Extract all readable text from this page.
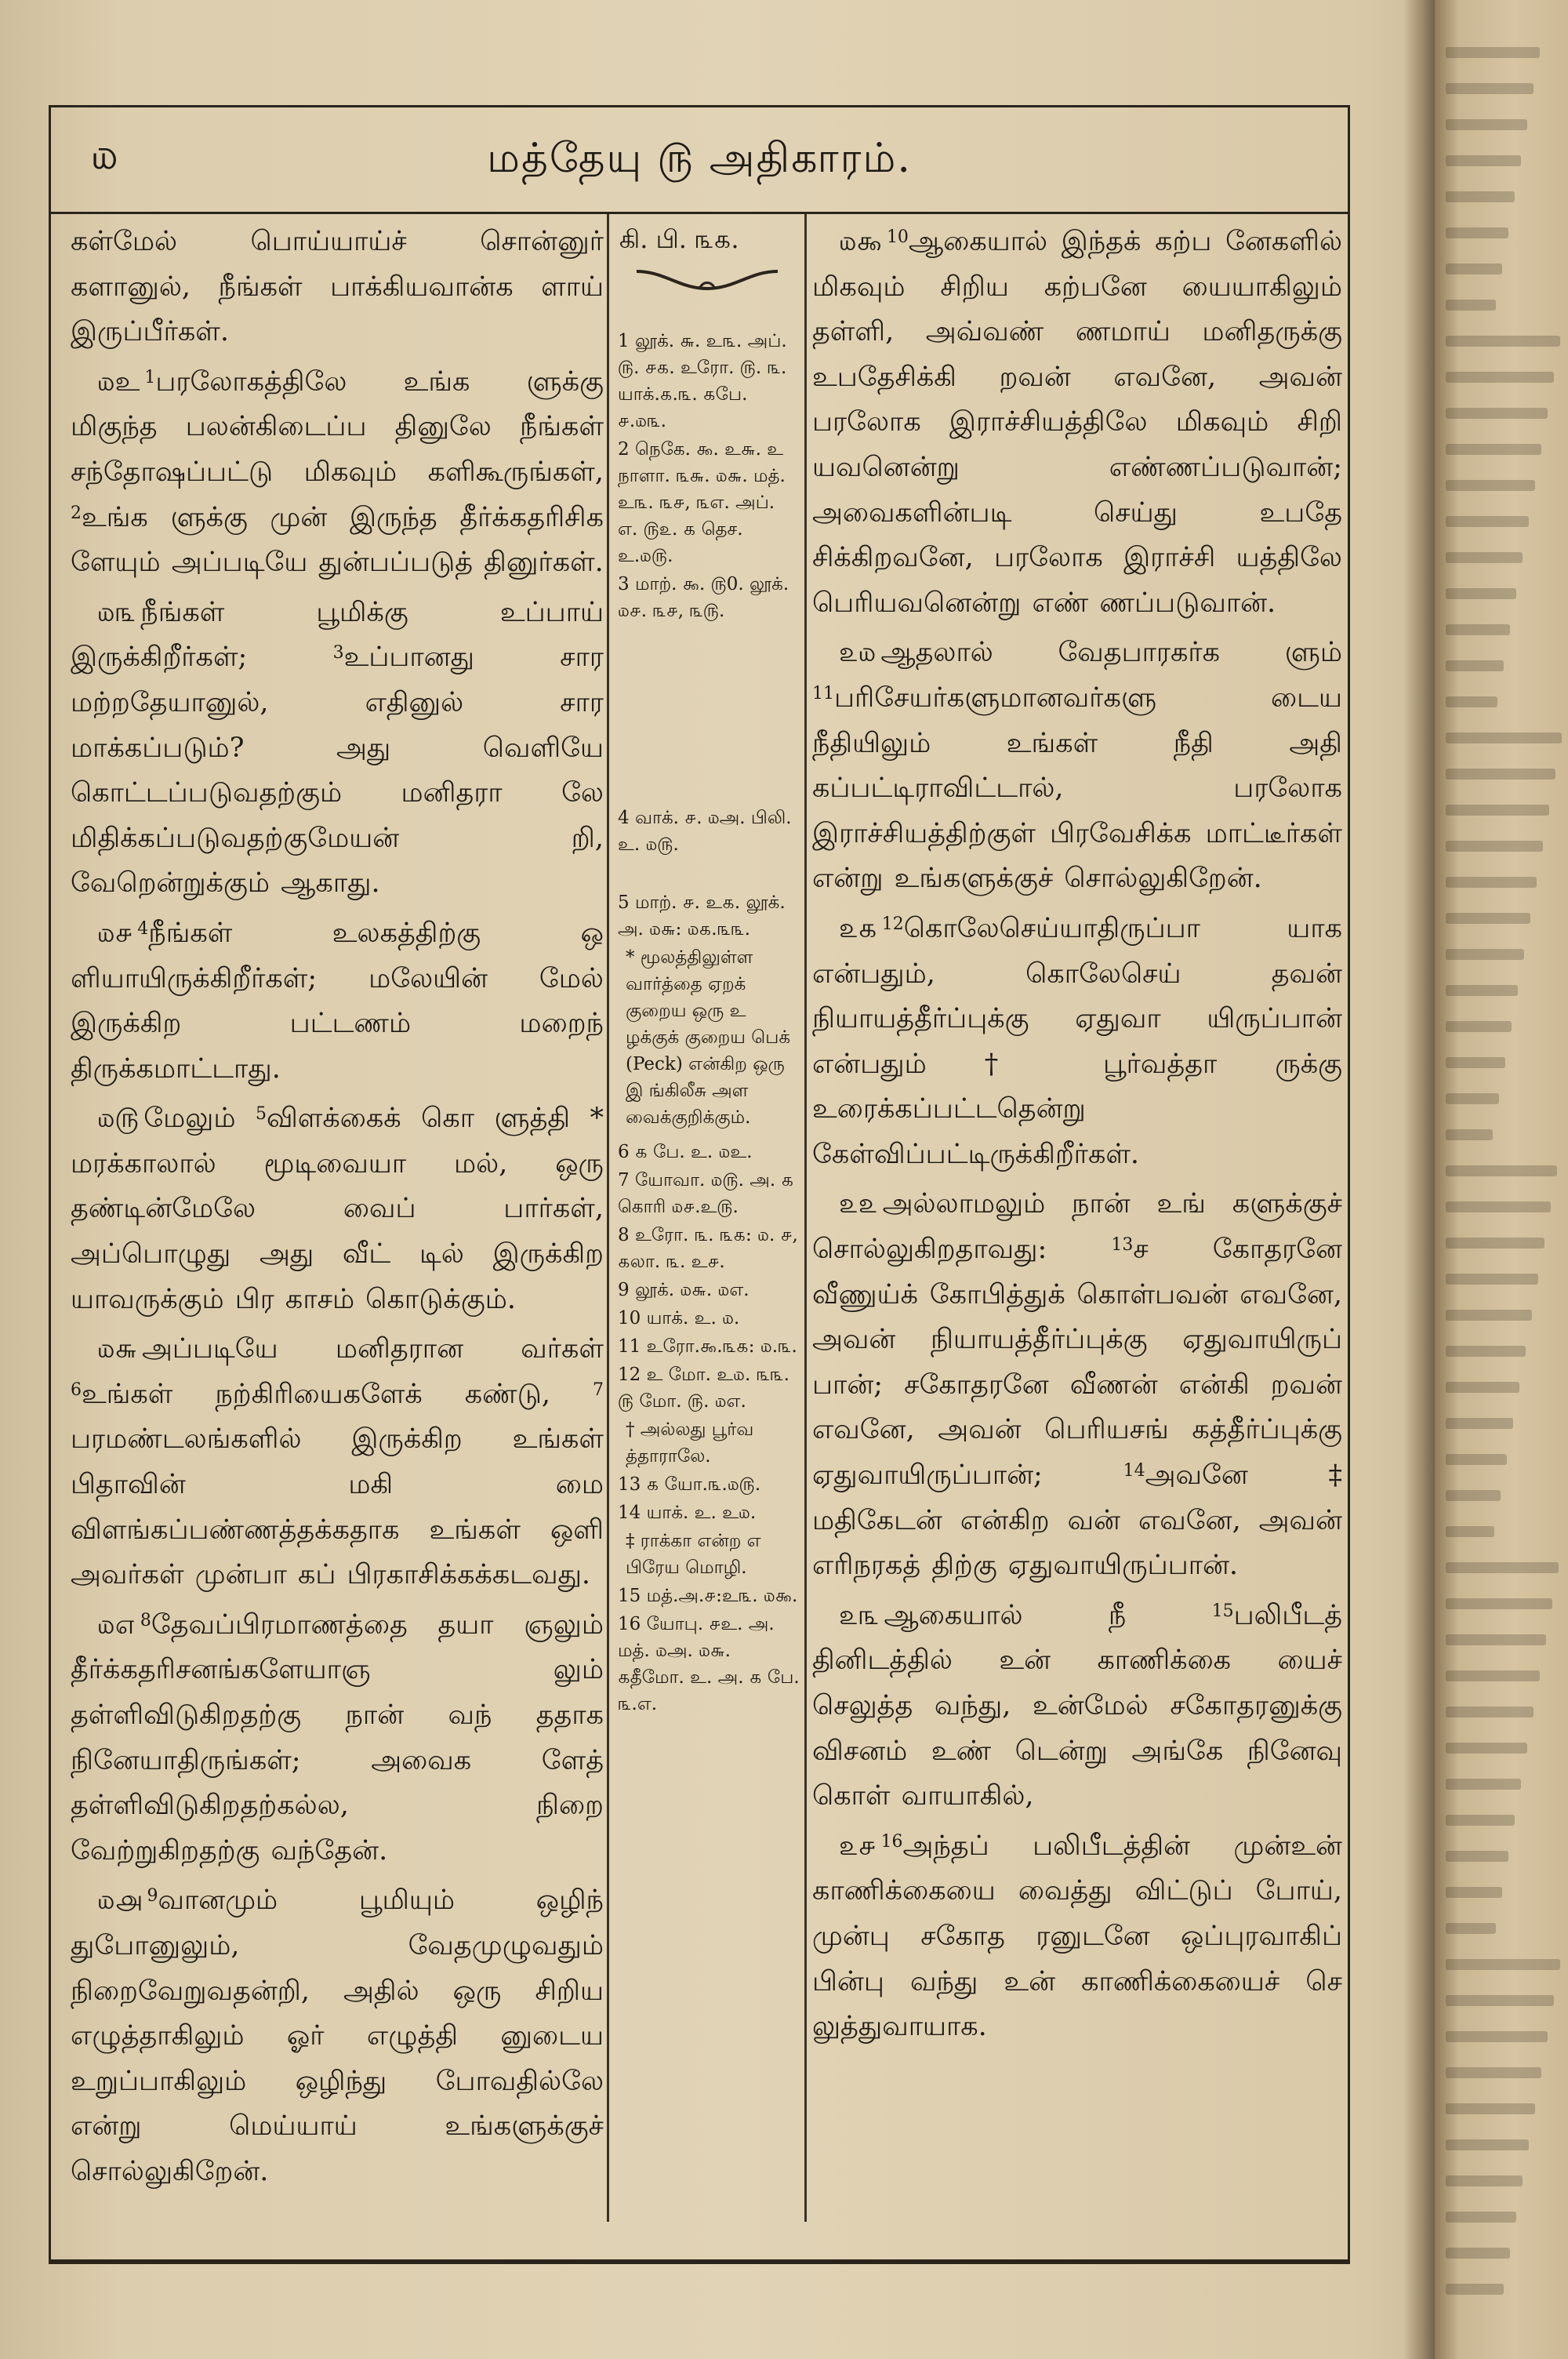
௰	மத்தேயு ௫ அதிகாரம்.

கள்மேல் பொய்யாய்ச் சொன்னுர் களானுல், நீங்கள் பாக்கியவான்க ளாய் இருப்பீர்கள்.

௰உ $^1$பரலோகத்திலே உங்க ளுக்கு மிகுந்த பலன்கிடைப்ப தினுலே நீங்கள் சந்தோஷப்பட்டு மிகவும் களிகூருங்கள், $^2$உங்க ளுக்கு முன் இருந்த தீர்க்கதரிசிக ளேயும் அப்படியே துன்பப்படுத் தினுர்கள்.

௰௩ நீங்கள் பூமிக்கு உப்பாய் இருக்கிறீர்கள்; $^3$உப்பானது சார மற்றதேயானுல், எதினுல் சார மாக்கப்படும்? அது வெளியே கொட்டப்படுவதற்கும் மனிதரா லே மிதிக்கப்படுவதற்குமேயன் றி, வேறென்றுக்கும் ஆகாது.

௰௪ $^4$நீங்கள் உலகத்திற்கு ஒ ளியாயிருக்கிறீர்கள்; மலேயின் மேல் இருக்கிற பட்டணம் மறைந் திருக்கமாட்டாது.

௰௫ மேலும் $^5$விளக்கைக் கொ ளுத்தி * மரக்காலால் மூடிவையா மல், ஒரு தண்டின்மேலே வைப் பார்கள், அப்பொழுது அது வீட் டில் இருக்கிற யாவருக்கும் பிர காசம் கொடுக்கும்.

௰௬ அப்படியே மனிதரான வர்கள் $^6$உங்கள் நற்கிரியைகளேக் கண்டு, $^7$ பரமண்டலங்களில் இருக்கிற உங்கள் பிதாவின் மகி மை விளங்கப்பண்ணத்தக்கதாக உங்கள் ஒளி அவர்கள் முன்பா கப் பிரகாசிக்கக்கடவது.

௰௭ $^8$தேவப்பிரமாணத்தை தயா ஞலும் தீர்க்கதரிசனங்களேயாஞ லும் தள்ளிவிடுகிறதற்கு நான் வந் ததாக நினேயாதிருங்கள்; அவைக ளேத் தள்ளிவிடுகிறதற்கல்ல, நிறை வேற்றுகிறதற்கு வந்தேன்.

௰௮ $^9$வானமும் பூமியும் ஒழிந் துபோனுலும், வேதமுழுவதும் நிறைவேறுவதன்றி, அதில் ஒரு சிறிய எழுத்தாகிலும் ஓர் எழுத்தி னுடைய உறுப்பாகிலும் ஒழிந்து போவதில்லே என்று மெய்யாய் உங்களுக்குச் சொல்லுகிறேன்.

கி. பி. ௩௧.
1 லூக். ௬. உ௩. அப். ௫. ௪௧. உரோ. ௫. ௩. யாக்.௧.௩. ௧பே. ௪.௰௩.
2 நெகே. ௯. உ௬. உ நாளா. ௩௬. ௰௬. மத். உ௩. ௩௪, ௩எ. அப். எ. ௫௨. ௧ தெச. உ.௰௫.
3 மாற். ௯. ௫0. லூக். ௰௪. ௩௪, ௩௫.
4 வாக். ௪. ௰அ. பிலி. உ. ௰௫.
5 மாற். ௪. உ௧. லூக். அ. ௰௬: ௰௧.௩௩.
* மூலத்திலுள்ள வார்த்தை ஏறக் குறைய ஒரு உ ழக்குக் குறைய பெக் (Peck) என்கிற ஒரு இ ங்கிலீசு அள வைக்குறிக்கும்.
6 ௧ பே. உ. ௰உ.
7 யோவா. ௰௫. அ. ௧ கொரி ௰௪.உ௫.
8 உரோ. ௩. ௩௧: ௰. ௪, ௧லா. ௩. உ௪.
9 லூக். ௰௬. ௰எ.
10 யாக். உ. ௰.
11 உரோ.௯.௩௧: ௰.௩.
12 உ மோ. உ௰. ௩௩. ௫ மோ. ௫. ௰எ.
† அல்லது பூர்வ த்தாராலே.
13 ௧ யோ.௩.௰௫.
14 யாக். உ. உ௰.
‡ ராக்கா என்ற எ பிரேய மொழி.
15 மத்.அ.௪:உ௩. ௰௯.
16 யோபு. ௪உ. அ. மத். ௰அ. ௰௬. ௧தீமோ. உ. அ. ௧ பே. ௩.எ.

௰௯ $^{10}$ஆகையால் இந்தக் கற்ப னேகளில் மிகவும் சிறிய கற்பனே யையாகிலும் தள்ளி, அவ்வண் ணமாய் மனிதருக்கு உபதேசிக்கி றவன் எவனே, அவன் பரலோக இராச்சியத்திலே மிகவும் சிறி யவனென்று எண்ணப்படுவான்; அவைகளின்படி செய்து உபதே சிக்கிறவனே, பரலோக இராச்சி யத்திலே பெரியவனென்று எண் ணப்படுவான்.

௨௰ ஆதலால் வேதபாரகர்க ளும் $^{11}$பரிசேயர்களுமானவர்களு டைய நீதியிலும் உங்கள் நீதி அதி கப்பட்டிராவிட்டால், பரலோக இராச்சியத்திற்குள் பிரவேசிக்க மாட்டீர்கள் என்று உங்களுக்குச் சொல்லுகிறேன்.

௨௧ $^{12}$கொலேசெய்யாதிருப்பா யாக என்பதும், கொலேசெய் தவன் நியாயத்தீர்ப்புக்கு ஏதுவா யிருப்பான் என்பதும் † பூர்வத்தா ருக்கு உரைக்கப்பட்டதென்று கேள்விப்பட்டிருக்கிறீர்கள்.

௨௨ அல்லாமலும் நான் உங் களுக்குச் சொல்லுகிறதாவது: $^{13}$ச கோதரனே வீணுய்க் கோபித்துக் கொள்பவன் எவனே, அவன் நியாயத்தீர்ப்புக்கு ஏதுவாயிருப் பான்; சகோதரனே வீணன் என்கி றவன் எவனே, அவன் பெரியசங் கத்தீர்ப்புக்கு ஏதுவாயிருப்பான்; $^{14}$அவனே ‡ மதிகேடன் என்கிற வன் எவனே, அவன் எரிநரகத் திற்கு ஏதுவாயிருப்பான்.

௨௩ ஆகையால் நீ $^{15}$பலிபீடத் தினிடத்தில் உன் காணிக்கை யைச் செலுத்த வந்து, உன்மேல் சகோதரனுக்கு விசனம் உண் டென்று அங்கே நினேவு கொள் வாயாகில்,

௨௪ $^{16}$அந்தப் பலிபீடத்தின் முன்உன் காணிக்கையை வைத்து விட்டுப் போய், முன்பு சகோத ரனுடனே ஒப்புரவாகிப் பின்பு வந்து உன் காணிக்கையைச் செ லுத்துவாயாக.
